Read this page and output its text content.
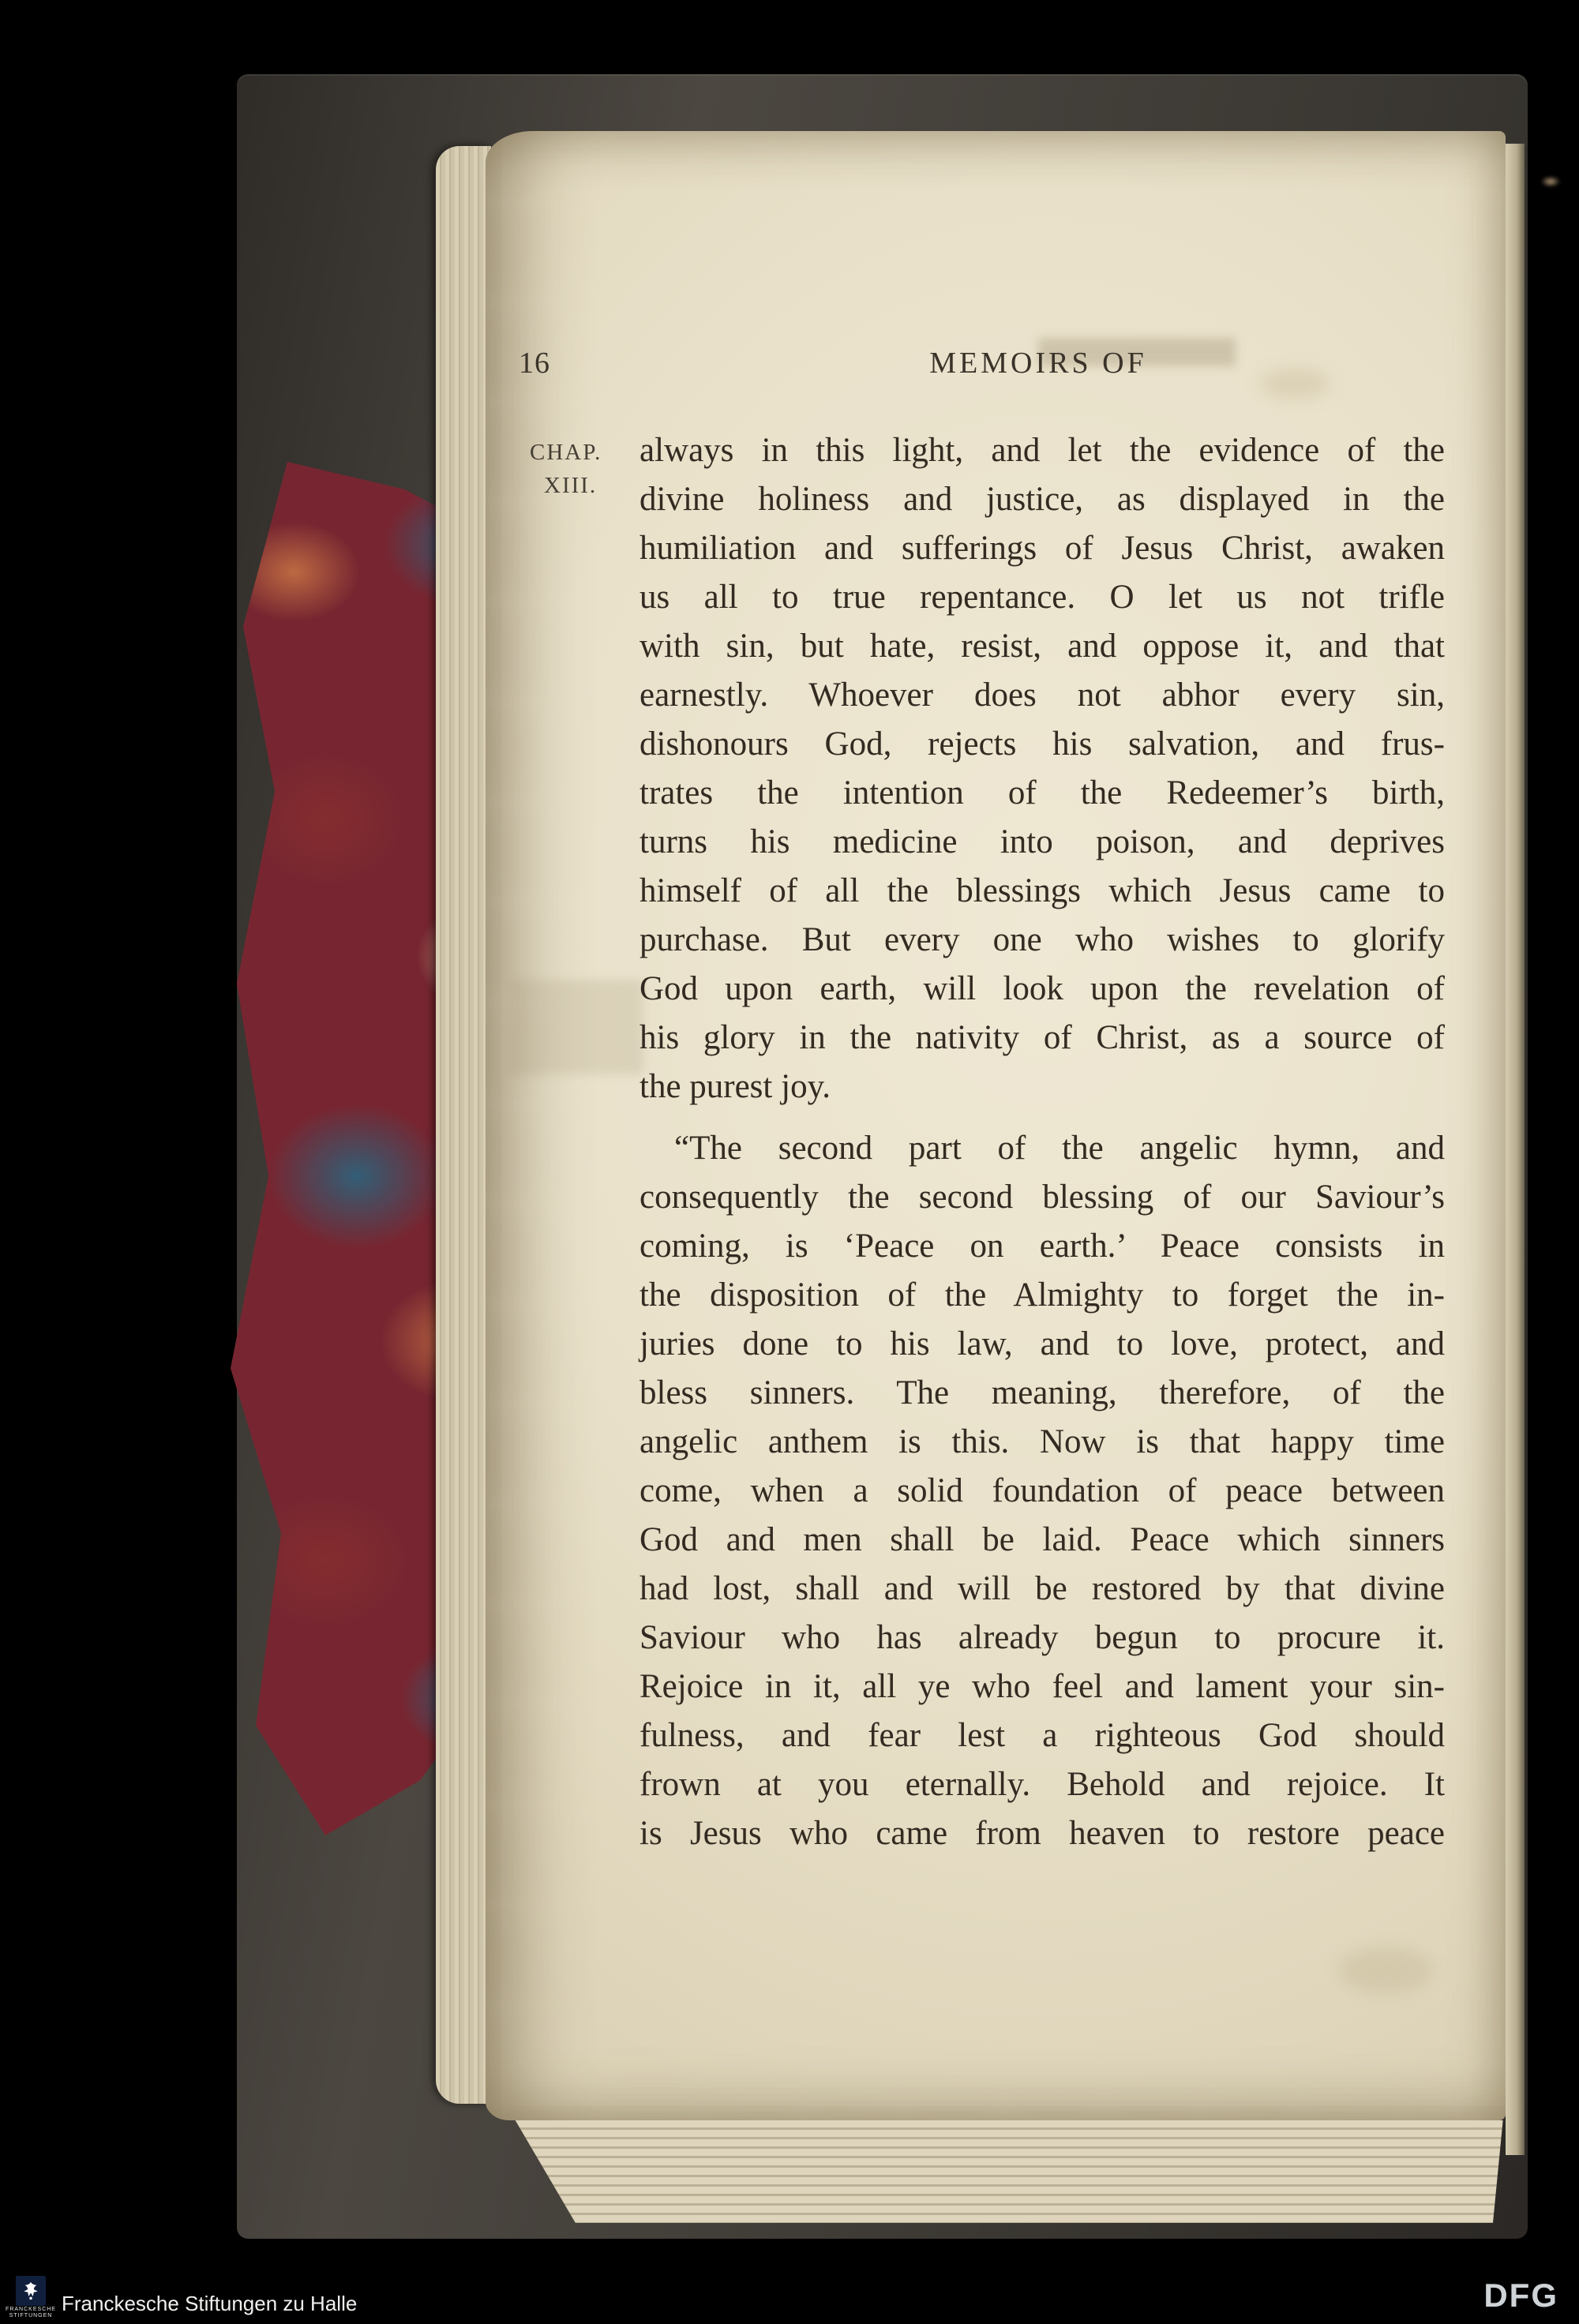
16	MEMOIRS OF
CHAP.
XIII.
always in this light, and let the evidence of the
divine holiness and justice, as displayed in the
humiliation and sufferings of Jesus Christ, awaken
us all to true repentance. O let us not trifle
with sin, but hate, resist, and oppose it, and that
earnestly. Whoever does not abhor every sin,
dishonours God, rejects his salvation, and frus-
trates the intention of the Redeemer’s birth,
turns his medicine into poison, and deprives
himself of all the blessings which Jesus came to
purchase. But every one who wishes to glorify
God upon earth, will look upon the revelation of
his glory in the nativity of Christ, as a source of
the purest joy.
“The second part of the angelic hymn, and
consequently the second blessing of our Saviour’s
coming, is ‘Peace on earth.’ Peace consists in
the disposition of the Almighty to forget the in-
juries done to his law, and to love, protect, and
bless sinners. The meaning, therefore, of the
angelic anthem is this. Now is that happy time
come, when a solid foundation of peace between
God and men shall be laid. Peace which sinners
had lost, shall and will be restored by that divine
Saviour who has already begun to procure it.
Rejoice in it, all ye who feel and lament your sin-
fulness, and fear lest a righteous God should
frown at you eternally. Behold and rejoice. It
is Jesus who came from heaven to restore peace
FRANCKESCHE
STIFTUNGEN
Franckesche Stiftungen zu Halle	DFG
